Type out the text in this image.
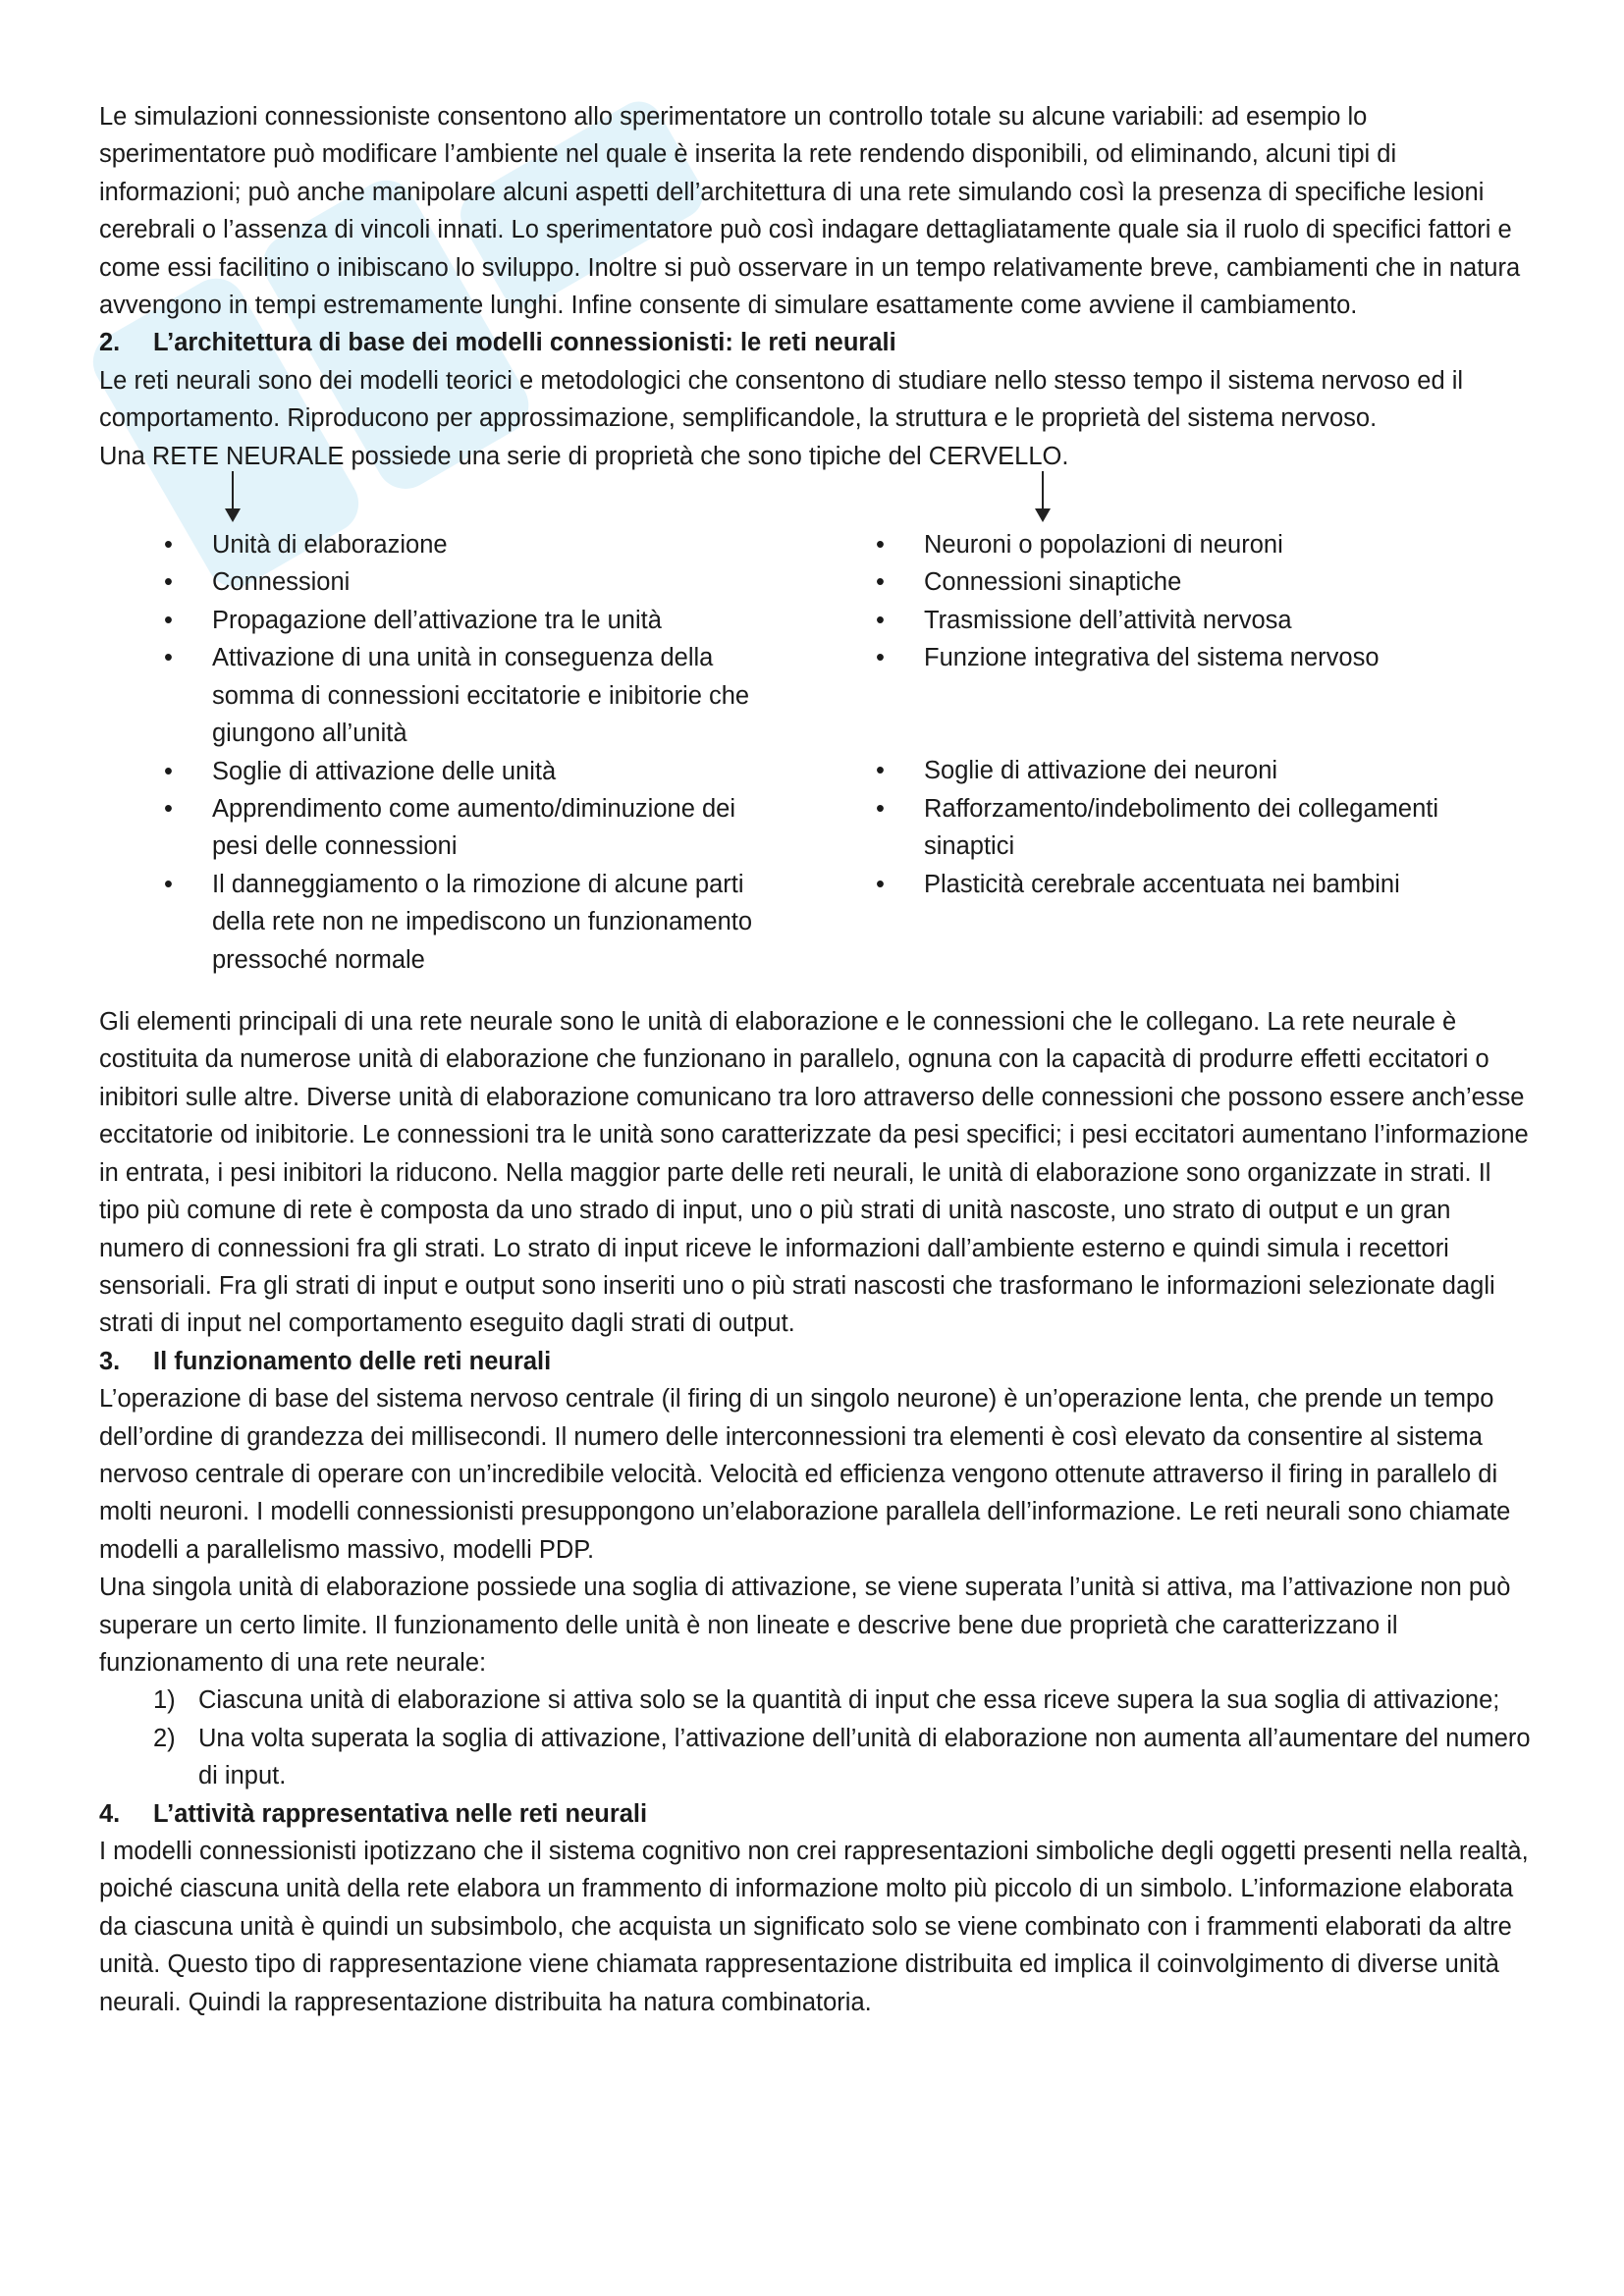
Le simulazioni connessioniste consentono allo sperimentatore un controllo totale su alcune variabili: ad esempio lo sperimentatore può modificare l’ambiente nel quale è inserita la rete rendendo disponibili, od eliminando, alcuni tipi di informazioni; può anche manipolare alcuni aspetti dell’architettura di una rete simulando così la presenza di specifiche lesioni cerebrali o l’assenza di vincoli innati. Lo sperimentatore può così indagare dettagliatamente quale sia il ruolo di specifici fattori e come essi facilitino o inibiscano lo sviluppo. Inoltre si può osservare in un tempo relativamente breve, cambiamenti che in natura avvengono in tempi estremamente lunghi. Infine consente di simulare esattamente come avviene il cambiamento.

2.	L’architettura di base dei modelli connessionisti: le reti neurali

Le reti neurali sono dei modelli teorici e metodologici che consentono di studiare nello stesso tempo il sistema nervoso ed il comportamento. Riproducono per approssimazione, semplificandole, la struttura e le proprietà del sistema nervoso.

Una RETE NEURALE possiede una serie di proprietà che sono tipiche del CERVELLO.

• Unità di elaborazione
• Connessioni
• Propagazione dell’attivazione tra le unità
• Attivazione di una unità in conseguenza della somma di connessioni eccitatorie e inibitorie che giungono all’unità
• Soglie di attivazione delle unità
• Apprendimento come aumento/diminuzione dei pesi delle connessioni
• Il danneggiamento o la rimozione di alcune parti della rete non ne impediscono un funzionamento pressoché normale
• Neuroni o popolazioni di neuroni
• Connessioni sinaptiche
• Trasmissione dell’attività nervosa
• Funzione integrativa del sistema nervoso
• Soglie di attivazione dei neuroni
• Rafforzamento/indebolimento dei collegamenti sinaptici
• Plasticità cerebrale accentuata nei bambini

Gli elementi principali di una rete neurale sono le unità di elaborazione e le connessioni che le collegano. La rete neurale è costituita da numerose unità di elaborazione che funzionano in parallelo, ognuna con la capacità di produrre effetti eccitatori o inibitori sulle altre. Diverse unità di elaborazione comunicano tra loro attraverso delle connessioni che possono essere anch’esse eccitatorie od inibitorie. Le connessioni tra le unità sono caratterizzate da pesi specifici; i pesi eccitatori aumentano l’informazione in entrata, i pesi inibitori la riducono. Nella maggior parte delle reti neurali, le unità di elaborazione sono organizzate in strati. Il tipo più comune di rete è composta da uno strado di input, uno o più strati di unità nascoste, uno strato di output e un gran numero di connessioni fra gli strati. Lo strato di input riceve le informazioni dall’ambiente esterno e quindi simula i recettori sensoriali. Fra gli strati di input e output sono inseriti uno o più strati nascosti che trasformano le informazioni selezionate dagli strati di input nel comportamento eseguito dagli strati di output.

3.	Il funzionamento delle reti neurali

L’operazione di base del sistema nervoso centrale (il firing di un singolo neurone) è un’operazione lenta, che prende un tempo dell’ordine di grandezza dei millisecondi. Il numero delle interconnessioni tra elementi è così elevato da consentire al sistema nervoso centrale di operare con un’incredibile velocità. Velocità ed efficienza vengono ottenute attraverso il firing in parallelo di molti neuroni. I modelli connessionisti presuppongono un’elaborazione parallela dell’informazione. Le reti neurali sono chiamate modelli a parallelismo massivo, modelli PDP.

Una singola unità di elaborazione possiede una soglia di attivazione, se viene superata l’unità si attiva, ma l’attivazione non può superare un certo limite. Il funzionamento delle unità è non lineate e descrive bene due proprietà che caratterizzano il funzionamento di una rete neurale:

1) Ciascuna unità di elaborazione si attiva solo se la quantità di input che essa riceve supera la sua soglia di attivazione;
2) Una volta superata la soglia di attivazione, l’attivazione dell’unità di elaborazione non aumenta all’aumentare del numero di input.
4.	L’attività rappresentativa nelle reti neurali

I modelli connessionisti ipotizzano che il sistema cognitivo non crei rappresentazioni simboliche degli oggetti presenti nella realtà, poiché ciascuna unità della rete elabora un frammento di informazione molto più piccolo di un simbolo. L’informazione elaborata da ciascuna unità è quindi un subsimbolo, che acquista un significato solo se viene combinato con i frammenti elaborati da altre unità. Questo tipo di rappresentazione viene chiamata rappresentazione distribuita ed implica il coinvolgimento di diverse unità neurali. Quindi la rappresentazione distribuita ha natura combinatoria.
